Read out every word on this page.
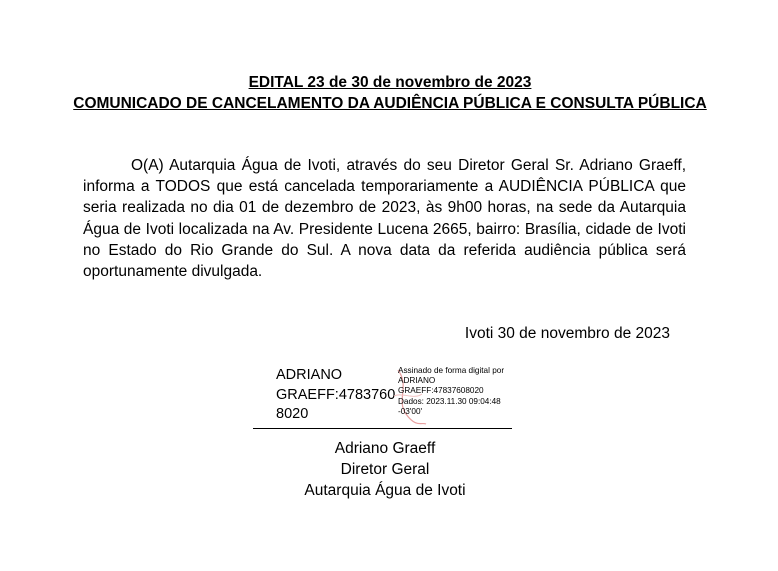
EDITAL 23 de 30 de novembro de 2023
COMUNICADO DE CANCELAMENTO DA AUDIÊNCIA PÚBLICA E CONSULTA PÚBLICA

O(A) Autarquia Água de Ivoti, através do seu Diretor Geral Sr. Adriano Graeff, informa a TODOS que está cancelada temporariamente a AUDIÊNCIA PÚBLICA que seria realizada no dia 01 de dezembro de 2023, às 9h00 horas, na sede da Autarquia Água de Ivoti localizada na Av. Presidente Lucena 2665, bairro: Brasília, cidade de Ivoti no Estado do Rio Grande do Sul. A nova data da referida audiência pública será oportunamente divulgada.

Ivoti 30 de novembro de 2023
ADRIANO
GRAEFF:4783760
8020
Assinado de forma digital por
ADRIANO
GRAEFF:47837608020
Dados: 2023.11.30 09:04:48
-03'00'
Adriano Graeff
Diretor Geral
Autarquia Água de Ivoti
